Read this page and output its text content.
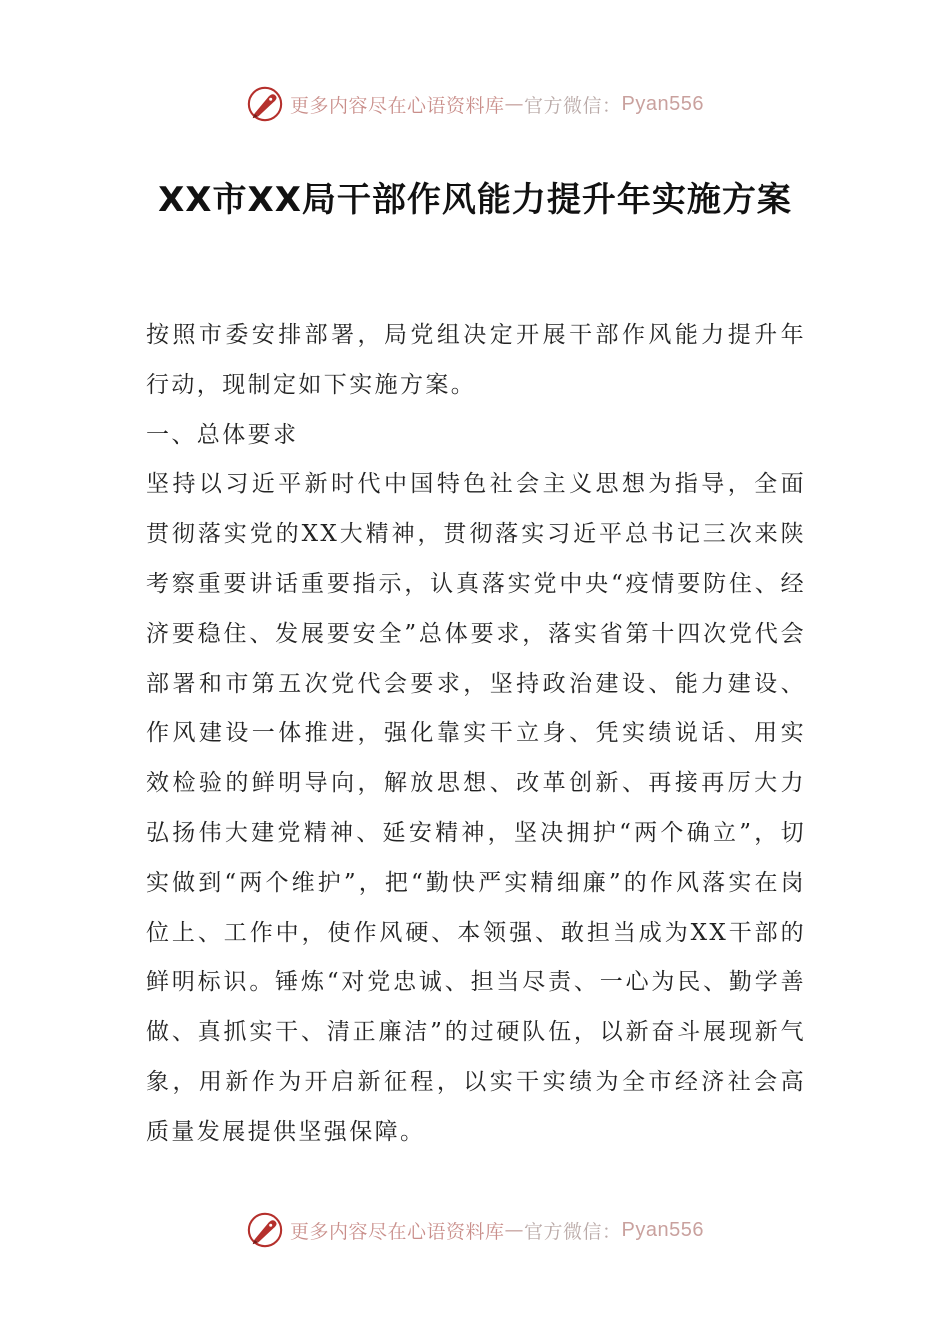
更多内容尽在心语资料库 — 官方微信： Pyan556
XX市XX局干部作风能力提升年实施方案

按照市委安排部署，局党组决定开展干部作风能力提升年行动，现制定如下实施方案。

一、总体要求

坚持以习近平新时代中国特色社会主义思想为指导，全面贯彻落实党的XX大精神，贯彻落实习近平总书记三次来陕考察重要讲话重要指示，认真落实党中央“疫情要防住、经济要稳住、发展要安全”总体要求，落实省第十四次党代会部署和市第五次党代会要求，坚持政治建设、能力建设、作风建设一体推进，强化靠实干立身、凭实绩说话、用实效检验的鲜明导向，解放思想、改革创新、再接再厉大力弘扬伟大建党精神、延安精神，坚决拥护“两个确立”，切实做到“两个维护”，把“勤快严实精细廉”的作风落实在岗位上、工作中，使作风硬、本领强、敢担当成为XX干部的鲜明标识。锤炼“对党忠诚、担当尽责、一心为民、勤学善做、真抓实干、清正廉洁”的过硬队伍，以新奋斗展现新气象，用新作为开启新征程，以实干实绩为全市经济社会高质量发展提供坚强保障。

更多内容尽在心语资料库 — 官方微信： Pyan556
